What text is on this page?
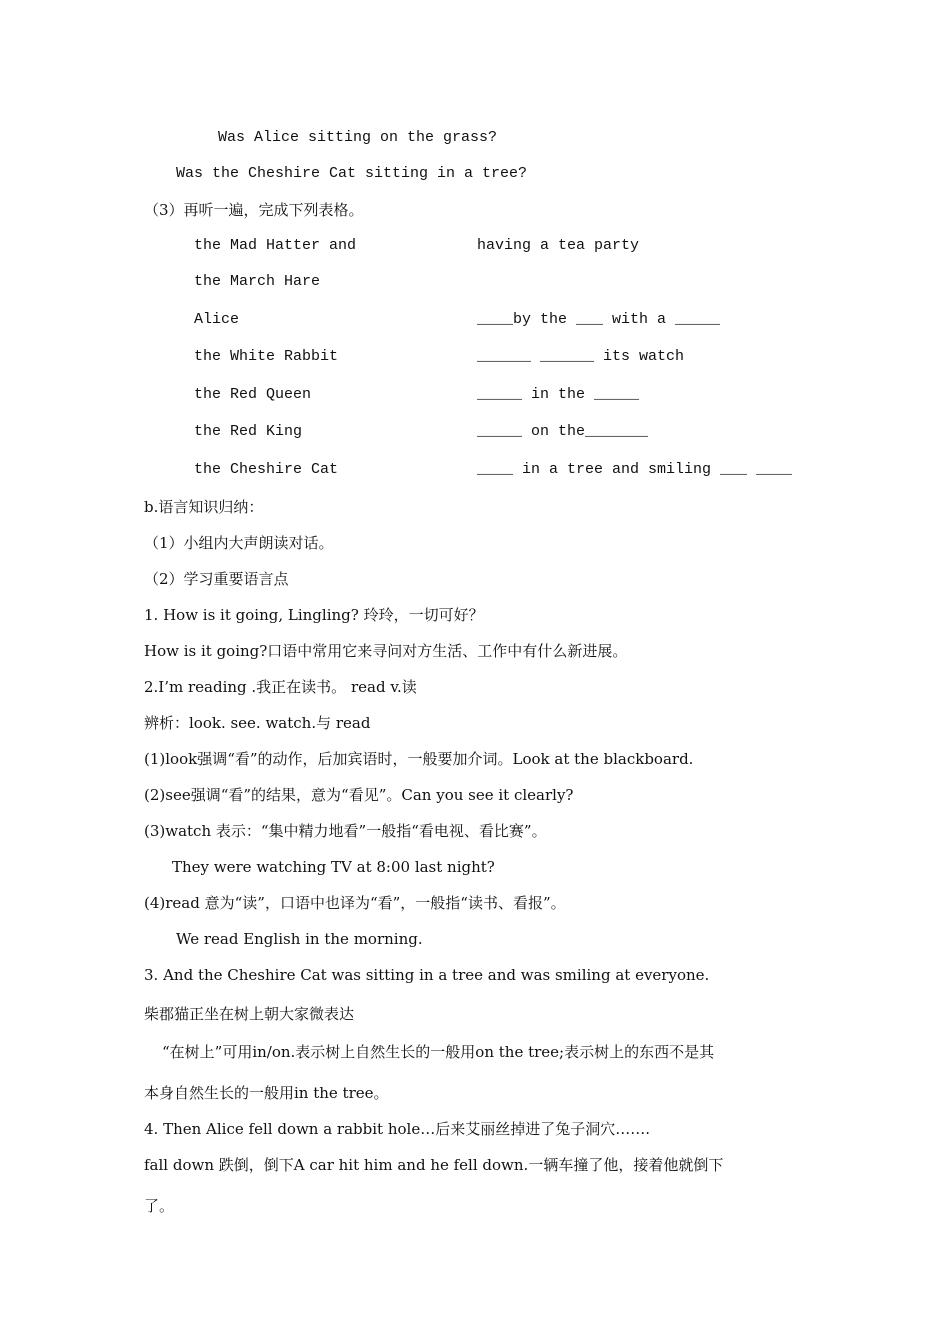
Was Alice sitting on the grass?
Was the Cheshire Cat sitting in a tree?
（3）再听一遍，完成下列表格。
the Mad Hatter and	having a tea party
the March Hare
Alice	____by the ___ with a _____
the White Rabbit	______ ______ its watch
the Red Queen	_____ in the _____
the Red King	_____ on the_______
the Cheshire Cat	____ in a tree and smiling ___ ____
b.语言知识归纳：
（1）小组内大声朗读对话。
（2）学习重要语言点
1. How is it going, Lingling? 玲玲，一切可好？
How is it going?口语中常用它来寻问对方生活、工作中有什么新进展。
2.I’m reading .我正在读书。 read v.读
辨析：look. see. watch.与 read
(1)look强调“看”的动作，后加宾语时，一般要加介词。Look at the blackboard.
(2)see强调“看”的结果，意为“看见”。Can you see it clearly?
(3)watch 表示：“集中精力地看”一般指“看电视、看比赛”。
They were watching TV at 8:00 last night?
(4)read 意为“读”，口语中也译为“看”，一般指“读书、看报”。
We read English in the morning.
3. And the Cheshire Cat was sitting in a tree and was smiling at everyone.
柴郡猫正坐在树上朝大家微表达
“在树上”可用in/on.表示树上自然生长的一般用on the tree;表示树上的东西不是其
本身自然生长的一般用in the tree。
4. Then Alice fell down a rabbit hole…后来艾丽丝掉进了兔子洞穴…….
fall down 跌倒，倒下A car hit him and he fell down.一辆车撞了他，接着他就倒下
了。
